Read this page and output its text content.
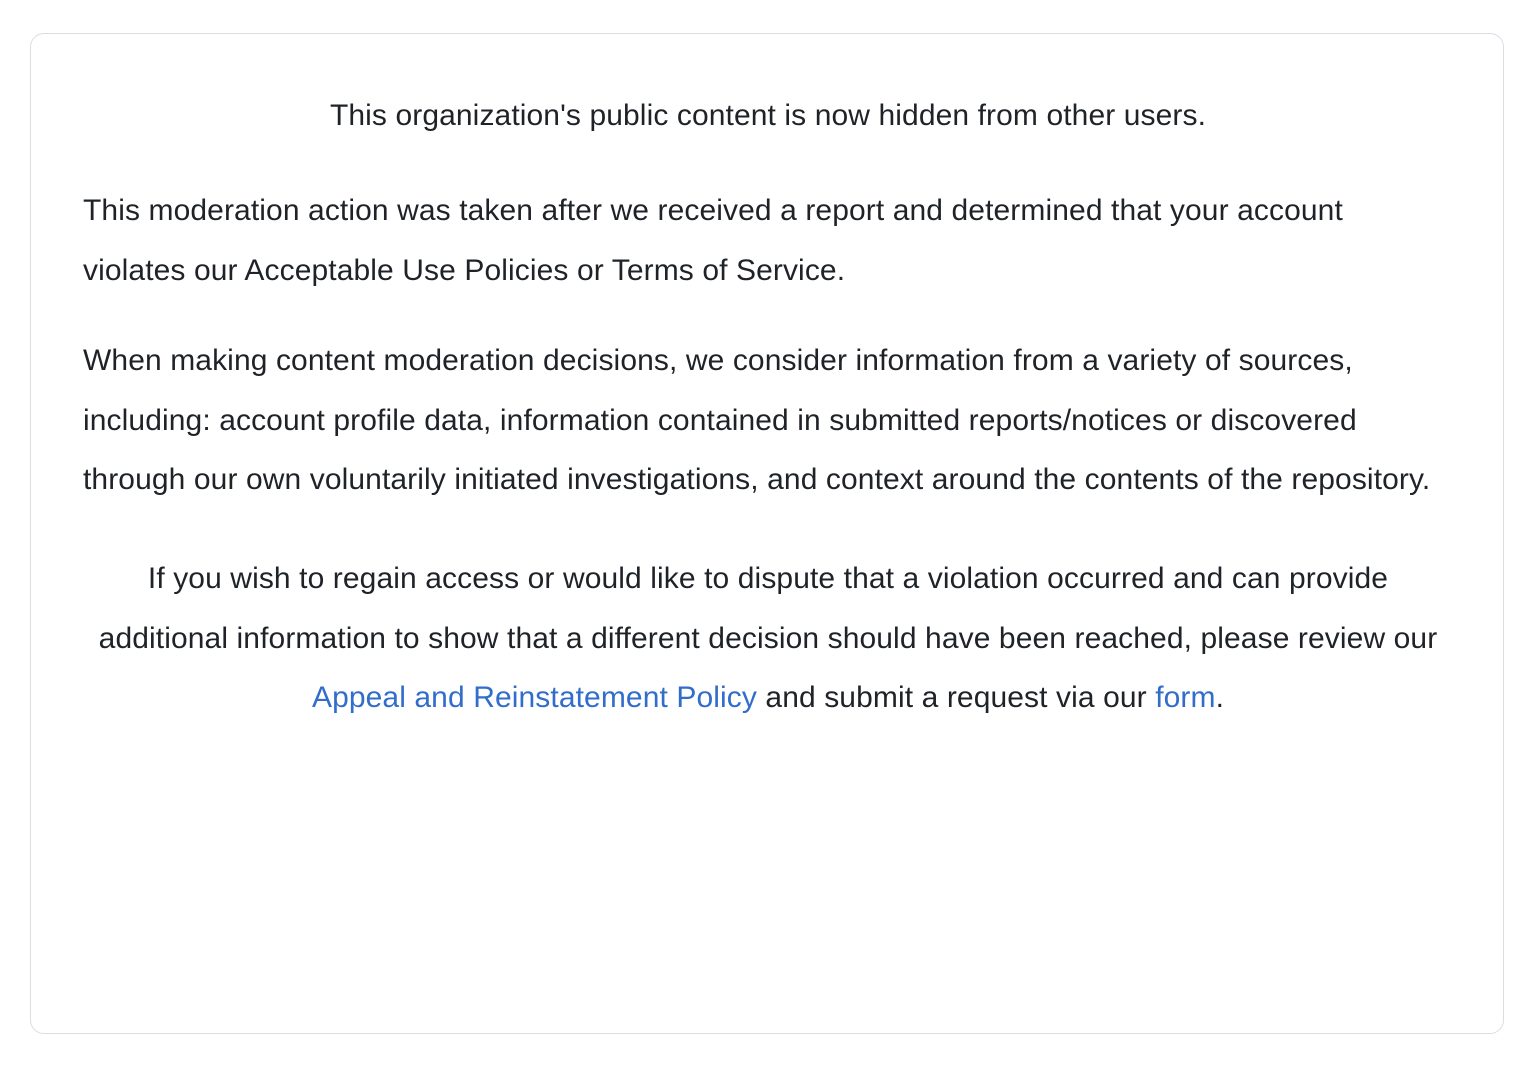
This organization's public content is now hidden from other users.

This moderation action was taken after we received a report and determined that your account violates our Acceptable Use Policies or Terms of Service.

When making content moderation decisions, we consider information from a variety of sources, including: account profile data, information contained in submitted reports/notices or discovered through our own voluntarily initiated investigations, and context around the contents of the repository.

If you wish to regain access or would like to dispute that a violation occurred and can provide additional information to show that a different decision should have been reached, please review our Appeal and Reinstatement Policy and submit a request via our form.
